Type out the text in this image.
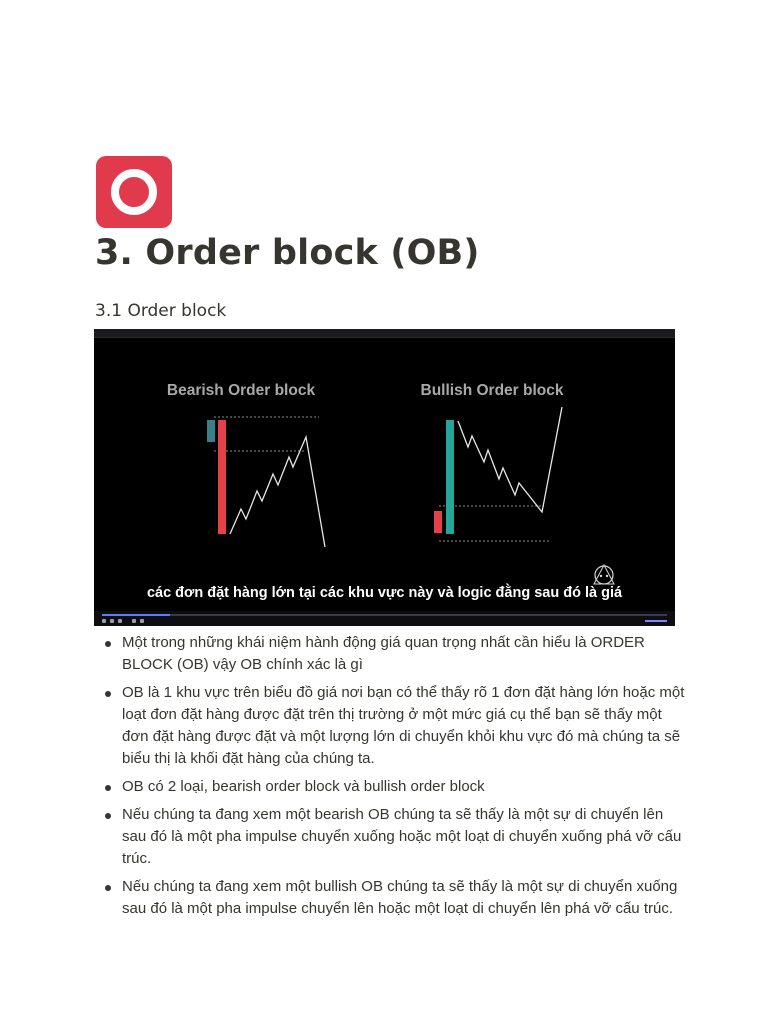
3. Order block (OB)
3.1 Order block
Bearish Order block	Bullish Order block
các đơn đặt hàng lớn tại các khu vực này và logic đằng sau đó là giá
Một trong những khái niệm hành động giá quan trọng nhất cần hiểu là ORDER BLOCK (OB) vậy OB chính xác là gì
OB là 1 khu vực trên biểu đồ giá nơi bạn có thể thấy rõ 1 đơn đặt hàng lớn hoặc một loạt đơn đặt hàng được đặt trên thị trường ở một mức giá cụ thể bạn sẽ thấy một đơn đặt hàng được đặt và một lượng lớn di chuyển khỏi khu vực đó mà chúng ta sẽ biểu thị là khối đặt hàng của chúng ta.
OB có 2 loại, bearish order block và bullish order block
Nếu chúng ta đang xem một bearish OB chúng ta sẽ thấy là một sự di chuyển lên sau đó là một pha impulse chuyển xuống hoặc một loạt di chuyển xuống phá vỡ cấu trúc.
Nếu chúng ta đang xem một bullish OB chúng ta sẽ thấy là một sự di chuyển xuống sau đó là một pha impulse chuyển lên hoặc một loạt di chuyển lên phá vỡ cấu trúc.
